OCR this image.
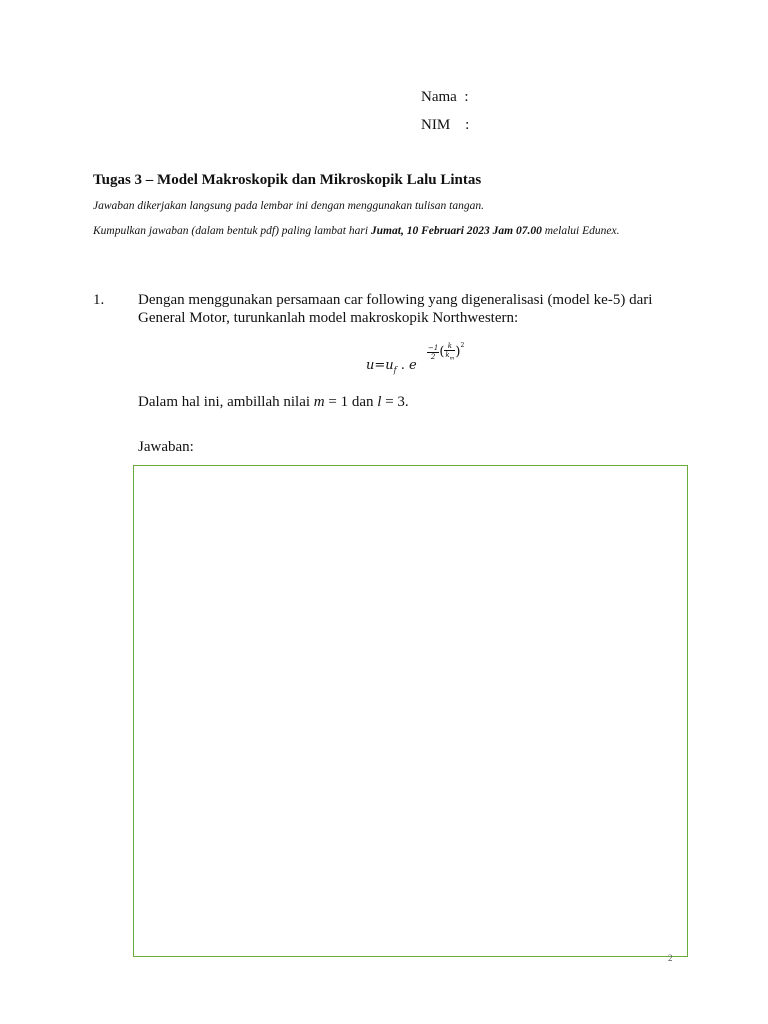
Nama  :
NIM    :
Tugas 3 – Model Makroskopik dan Mikroskopik Lalu Lintas
Jawaban dikerjakan langsung pada lembar ini dengan menggunakan tulisan tangan.
Kumpulkan jawaban (dalam bentuk pdf) paling lambat hari Jumat, 10 Februari 2023 Jam 07.00 melalui Edunex.
1. Dengan menggunakan persamaan car following yang digeneralisasi (model ke-5) dari General Motor, turunkanlah model makroskopik Northwestern:
$u=u_f$ . e
$\frac{-1}{2}$ ( $\frac{k}{k_m} )2$
Dalam hal ini, ambillah nilai m = 1 dan l = 3.
Jawaban:
2
